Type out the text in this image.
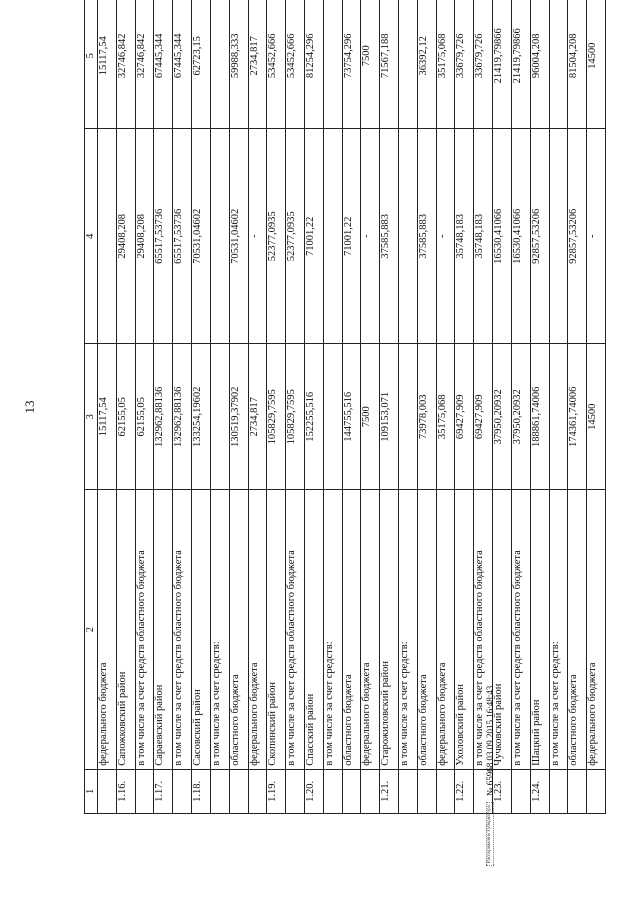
13
1	2	3	4	5
	федерального бюджета	15117,54		15117,54
1.16.	Сапожковский район	62155,05	29408,208	32746,842
	в том числе за счет средств областного бюджета	62155,05	29408,208	32746,842
1.17.	Сараевский район	132962,88136	65517,53736	67445,344
	в том числе за счет средств областного бюджета	132962,88136	65517,53736	67445,344
1.18.	Сасовский район	133254,19602	70531,04602	62723,15
	в том числе за счет средств:			
	областного бюджета	130519,37902	70531,04602	59988,333
	федерального бюджета	2734,817	-	2734,817
1.19.	Скопинский район	105829,7595	52377,0935	53452,666
	в том числе за счет средств областного бюджета	105829,7595	52377,0935	53452,666
1.20.	Спасский район	152255,516	71001,22	81254,296
	в том числе за счет средств:			
	областного бюджета	144755,516	71001,22	73754,296
	федерального бюджета	7500	-	7500
1.21.	Старожиловский район	109153,071	37585,883	71567,188
	в том числе за счет средств:			
	областного бюджета	73978,003	37585,883	36392,12
	федерального бюджета	35175,068	-	35175,068
1.22.	Ухоловский район	69427,909	35748,183	33679,726
	в том числе за счет средств областного бюджета	69427,909	35748,183	33679,726
1.23.	Чучковский район	37950,20932	16530,41066	21419,79866
	в том числе за счет средств областного бюджета	37950,20932	16530,41066	21419,79866
1.24.	Шацкий район	188861,74006	92857,53206	96004,208
	в том числе за счет средств:			
	областного бюджета	174361,74006	92857,53206	81504,208
	федерального бюджета	14500	-	14500
Распоряжение Губернатора
№ 65968 03.09.2015 16:48:43
